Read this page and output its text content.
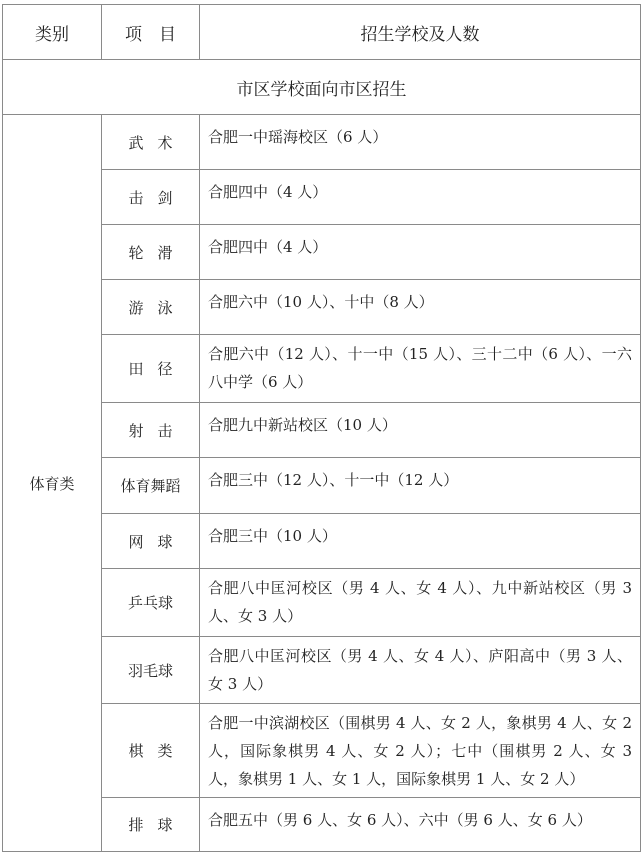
类别	项　目	招生学校及人数
市区学校面向市区招生		
体育类	武术	合肥一中瑶海校区（6 人）

	击剑	合肥四中（4 人）

	轮滑	合肥四中（4 人）

	游泳	合肥六中（10 人）、十中（8 人）

	田径	合肥六中（12 人）、十一中（15 人）、三十二中（6 人）、一六八中学（6 人）

	射击	合肥九中新站校区（10 人）

	体育舞蹈	合肥三中（12 人）、十一中（12 人）

	网球	合肥三中（10 人）

	乒乓球	合肥八中匡河校区（男 4 人、女 4 人）、九中新站校区（男 3 人、女 3 人）

	羽毛球	合肥八中匡河校区（男 4 人、女 4 人）、庐阳高中（男 3 人、女 3 人）

	棋类	合肥一中滨湖校区（围棋男 4 人、女 2 人，象棋男 4 人、女 2 人，国际象棋男 4 人、女 2 人）；七中（围棋男 2 人、女 3 人，象棋男 1 人、女 1 人，国际象棋男 1 人、女 2 人）

	排球	合肥五中（男 6 人、女 6 人）、六中（男 6 人、女 6 人）
